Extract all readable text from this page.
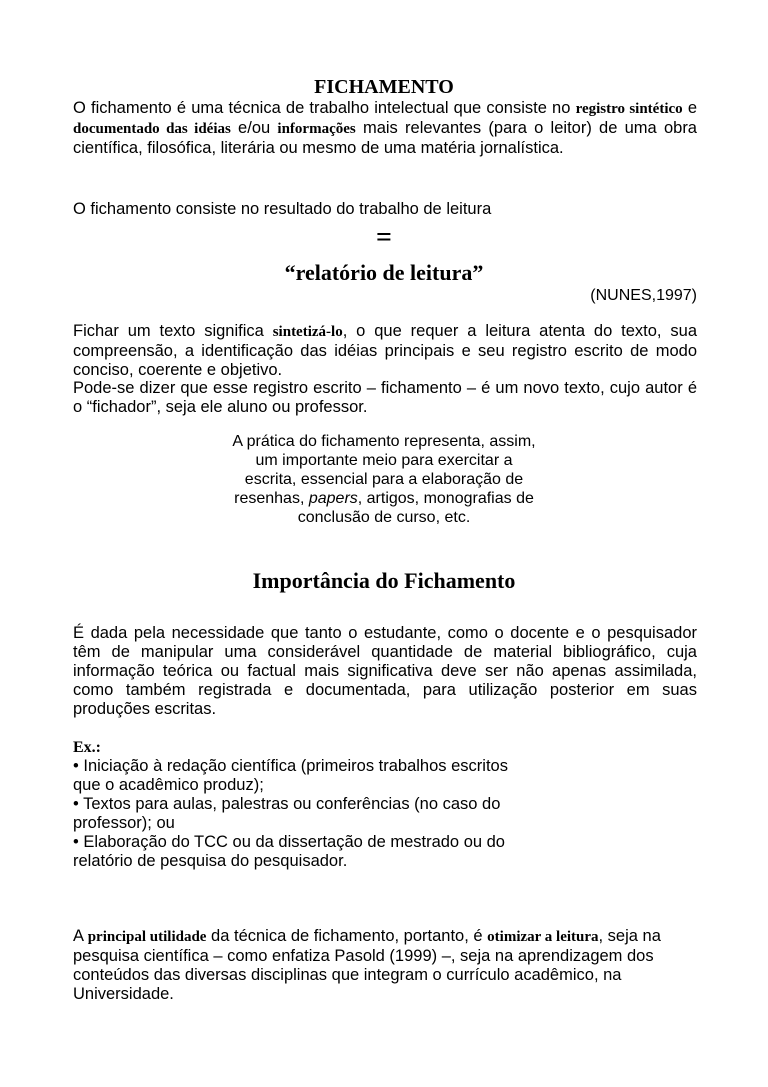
FICHAMENTO
O fichamento é uma técnica de trabalho intelectual que consiste no registro sintético e documentado das idéias e/ou informações mais relevantes (para o leitor) de uma obra científica, filosófica, literária ou mesmo de uma matéria jornalística.
O fichamento consiste no resultado do trabalho de leitura
=
“relatório de leitura”
(NUNES,1997)
Fichar um texto significa sintetizá-lo, o que requer a leitura atenta do texto, sua compreensão, a identificação das idéias principais e seu registro escrito de modo conciso, coerente e objetivo.
Pode-se dizer que esse registro escrito – fichamento – é um novo texto, cujo autor é o “fichador”, seja ele aluno ou professor.
A prática do fichamento representa, assim, um importante meio para exercitar a escrita, essencial para a elaboração de resenhas, papers, artigos, monografias de conclusão de curso, etc.
Importância do Fichamento
É dada pela necessidade que tanto o estudante, como o docente e o pesquisador têm de manipular uma considerável quantidade de material bibliográfico, cuja informação teórica ou factual mais significativa deve ser não apenas assimilada, como também registrada e documentada, para utilização posterior em suas produções escritas.
Ex.:
• Iniciação à redação científica (primeiros trabalhos escritos
que o acadêmico produz);
• Textos para aulas, palestras ou conferências (no caso do
professor); ou
• Elaboração do TCC ou da dissertação de mestrado ou do
relatório de pesquisa do pesquisador.
A principal utilidade da técnica de fichamento, portanto, é otimizar a leitura, seja na pesquisa científica – como enfatiza Pasold (1999) –, seja na aprendizagem dos conteúdos das diversas disciplinas que integram o currículo acadêmico, na Universidade.
